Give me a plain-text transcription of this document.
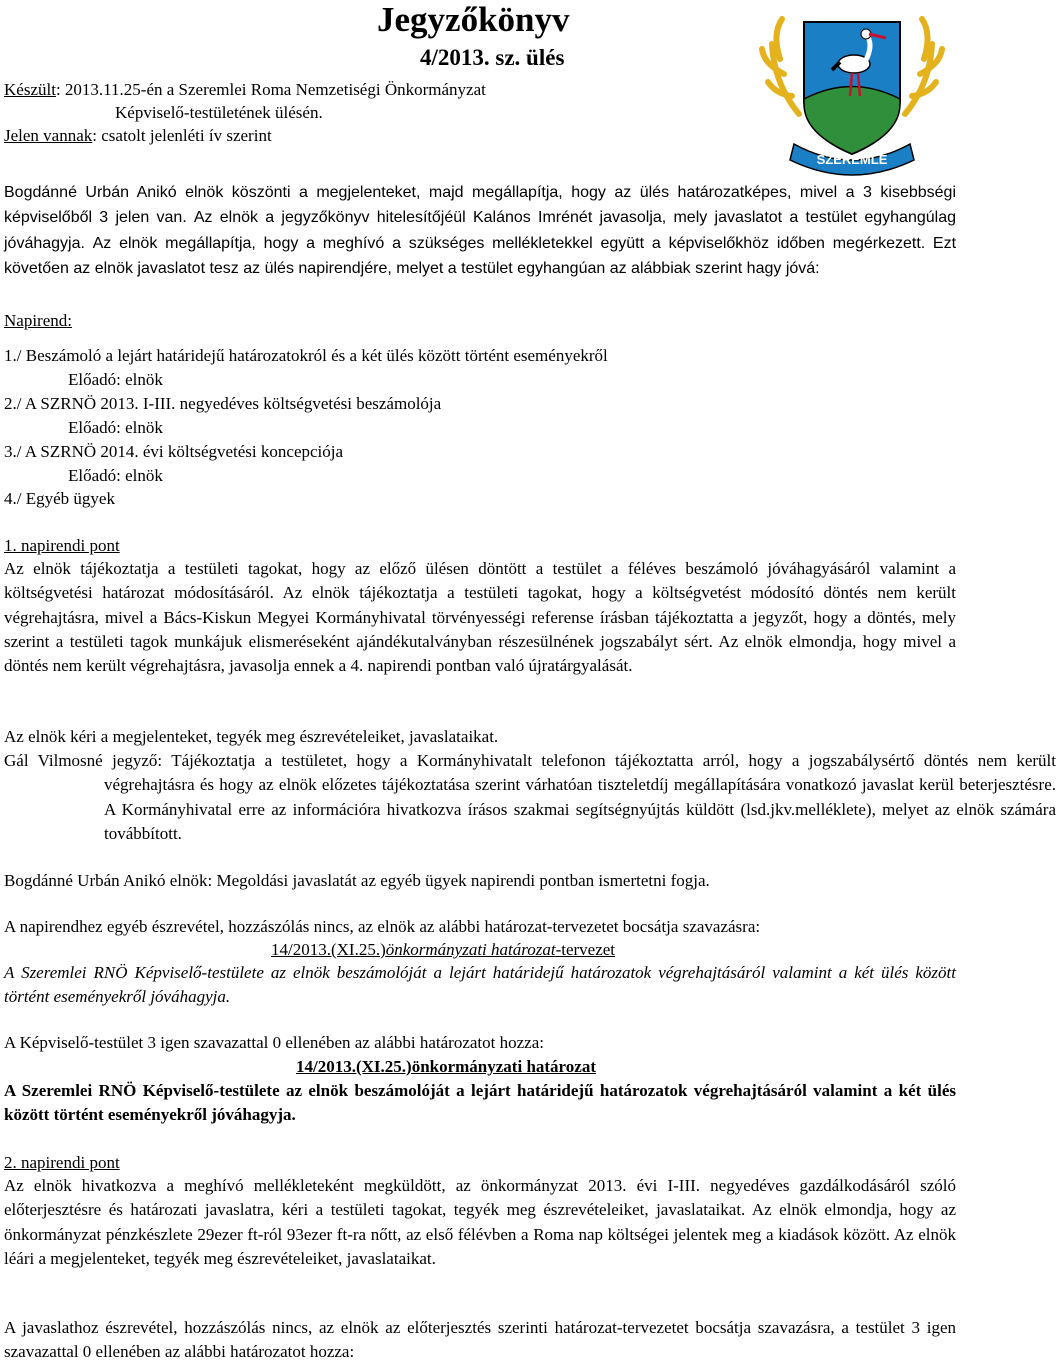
Jegyzőkönyv
4/2013. sz. ülés
Készült: 2013.11.25-én a Szeremlei Roma Nemzetiségi Önkormányzat
Képviselő-testületének ülésén.
Jelen vannak: csatolt jelenléti ív szerint
SZEREMLE

Bogdánné Urbán Anikó elnök köszönti a megjelenteket, majd megállapítja, hogy az ülés határozatképes, mivel a 3 kisebbségi képviselőből 3 jelen van. Az elnök a jegyzőkönyv hitelesítőjéül Kalános Imrénét javasolja, mely javaslatot a testület egyhangúlag jóváhagyja. Az elnök megállapítja, hogy a meghívó a szükséges mellékletekkel együtt a képviselőkhöz időben megérkezett. Ezt követően az elnök javaslatot tesz az ülés napirendjére, melyet a testület egyhangúan az alábbiak szerint hagy jóvá:

Napirend:
1./ Beszámoló a lejárt határidejű határozatokról és a két ülés között történt eseményekről
Előadó: elnök
2./ A SZRNÖ 2013. I-III. negyedéves költségvetési beszámolója
Előadó: elnök
3./ A SZRNÖ 2014. évi költségvetési koncepciója
Előadó: elnök
4./ Egyéb ügyek
1. napirendi pont

Az elnök tájékoztatja a testületi tagokat, hogy az előző ülésen döntött a testület a féléves beszámoló jóváhagyásáról valamint a költségvetési határozat módosításáról. Az elnök tájékoztatja a testületi tagokat, hogy a költségvetést módosító döntés nem került végrehajtásra, mivel a Bács-Kiskun Megyei Kormányhivatal törvényességi referense írásban tájékoztatta a jegyzőt, hogy a döntés, mely szerint a testületi tagok munkájuk elismeréseként ajándékutalványban részesülnének jogszabályt sért. Az elnök elmondja, hogy mivel a döntés nem került végrehajtásra, javasolja ennek a 4. napirendi pontban való újratárgyalását.

Az elnök kéri a megjelenteket, tegyék meg észrevételeiket, javaslataikat.

Gál Vilmosné jegyző: Tájékoztatja a testületet, hogy a Kormányhivatalt telefonon tájékoztatta arról, hogy a jogszabálysértő döntés nem került végrehajtásra és hogy az elnök előzetes tájékoztatása szerint várhatóan tiszteletdíj megállapítására vonatkozó javaslat kerül beterjesztésre. A Kormányhivatal erre az információra hivatkozva írásos szakmai segítségnyújtás küldött (lsd.jkv.melléklete), melyet az elnök számára továbbított.

Bogdánné Urbán Anikó elnök: Megoldási javaslatát az egyéb ügyek napirendi pontban ismertetni fogja.
A napirendhez egyéb észrevétel, hozzászólás nincs, az elnök az alábbi határozat-tervezetet bocsátja szavazásra:
14/2013.(XI.25.)önkormányzati határozat-tervezet

A Szeremlei RNÖ Képviselő-testülete az elnök beszámolóját a lejárt határidejű határozatok végrehajtásáról valamint a két ülés között történt eseményekről jóváhagyja.

A Képviselő-testület 3 igen szavazattal 0 ellenében az alábbi határozatot hozza:
14/2013.(XI.25.)önkormányzati határozat

A Szeremlei RNÖ Képviselő-testülete az elnök beszámolóját a lejárt határidejű határozatok végrehajtásáról valamint a két ülés között történt eseményekről jóváhagyja.

2. napirendi pont

Az elnök hivatkozva a meghívó mellékleteként megküldött, az önkormányzat 2013. évi I-III. negyedéves gazdálkodásáról szóló előterjesztésre és határozati javaslatra, kéri a testületi tagokat, tegyék meg észrevételeiket, javaslataikat. Az elnök elmondja, hogy az önkormányzat pénzkészlete 29ezer ft-ról 93ezer ft-ra nőtt, az első félévben a Roma nap költségei jelentek meg a kiadások között. Az elnök léári a megjelenteket, tegyék meg észrevételeiket, javaslataikat.

A javaslathoz észrevétel, hozzászólás nincs, az elnök az előterjesztés szerinti határozat-tervezetet bocsátja szavazásra, a testület 3 igen szavazattal 0 ellenében az alábbi határozatot hozza:
